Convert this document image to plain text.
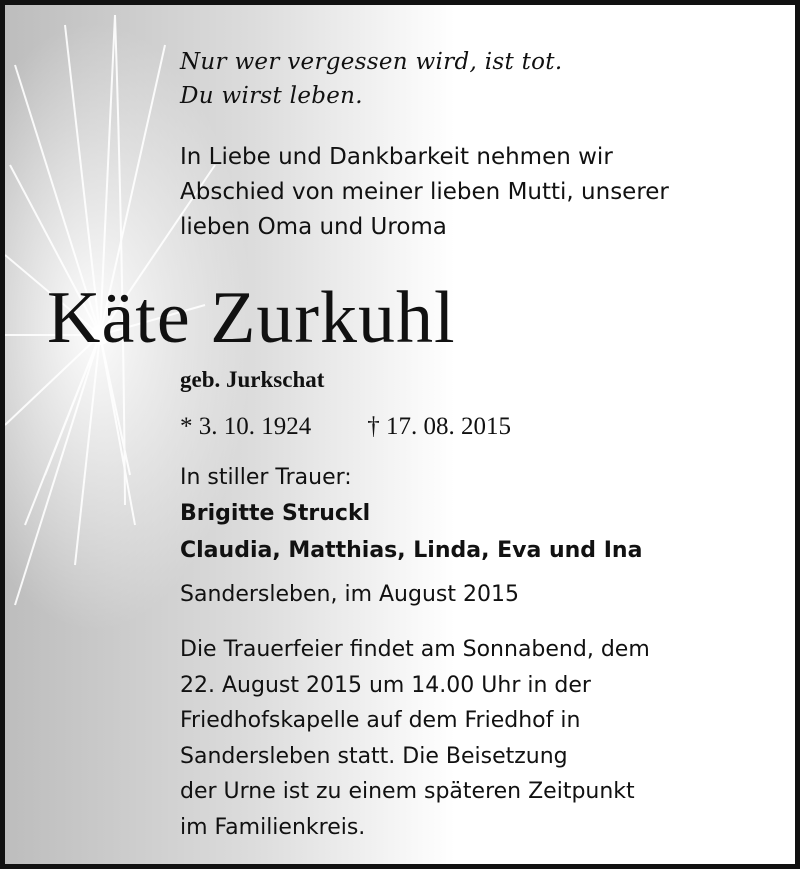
Nur wer vergessen wird, ist tot.
Du wirst leben.
In Liebe und Dankbarkeit nehmen wir
Abschied von meiner lieben Mutti, unserer
lieben Oma und Uroma
Käte Zurkuhl
geb. Jurkschat
* 3. 10. 1924 † 17. 08. 2015
In stiller Trauer:
Brigitte Struckl
Claudia, Matthias, Linda, Eva und Ina
Sandersleben, im August 2015
Die Trauerfeier findet am Sonnabend, dem
22. August 2015 um 14.00 Uhr in der
Friedhofskapelle auf dem Friedhof in
Sandersleben statt. Die Beisetzung
der Urne ist zu einem späteren Zeitpunkt
im Familienkreis.
